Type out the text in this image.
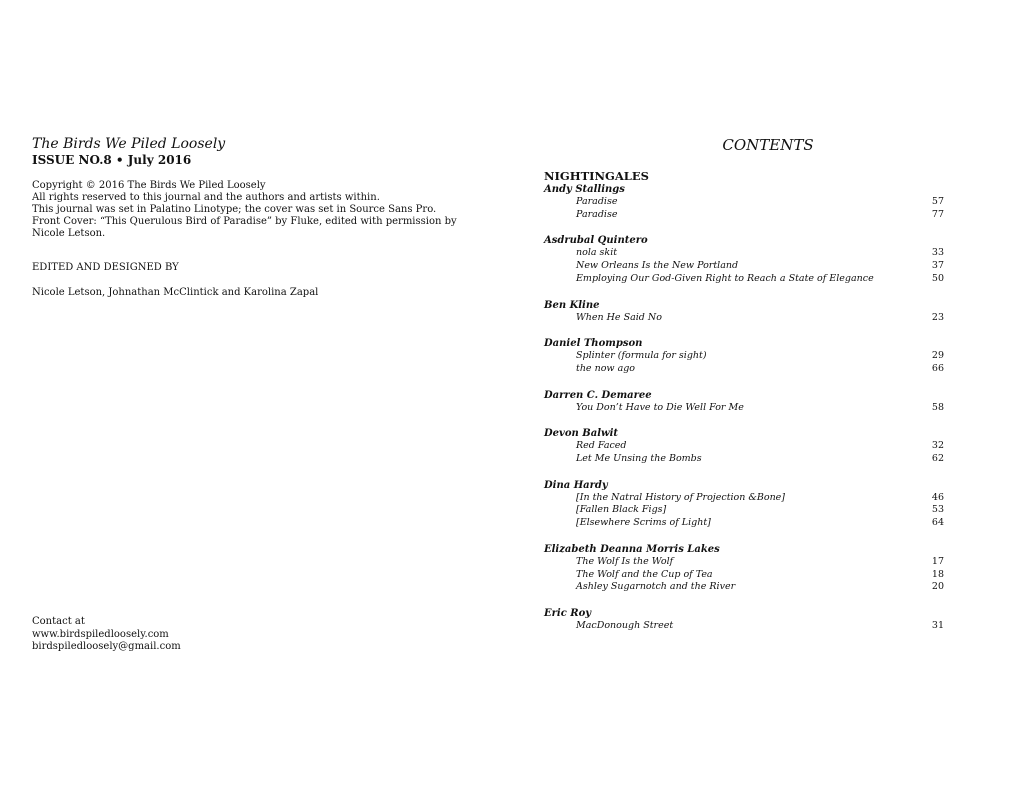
The Birds We Piled Loosely
ISSUE NO.8 • July 2016
Copyright © 2016 The Birds We Piled Loosely
All rights reserved to this journal and the authors and artists within.
This journal was set in Palatino Linotype; the cover was set in Source Sans Pro.
Front Cover: “This Querulous Bird of Paradise” by Fluke, edited with permission by
Nicole Letson.
EDITED AND DESIGNED BY
Nicole Letson, Johnathan McClintick and Karolina Zapal
Contact at
www.birdspiledloosely.com
birdspiledloosely@gmail.com
CONTENTS
NIGHTINGALES
Andy Stallings
Paradise	57
Paradise	77
Asdrubal Quintero
nola skit	33
New Orleans Is the New Portland	37
Employing Our God-Given Right to Reach a State of Elegance	50
Ben Kline
When He Said No	23
Daniel Thompson
Splinter (formula for sight)	29
the now ago	66
Darren C. Demaree
You Don’t Have to Die Well For Me	58
Devon Balwit
Red Faced	32
Let Me Unsing the Bombs	62
Dina Hardy
[In the Natral History of Projection &Bone]	46
[Fallen Black Figs]	53
[Elsewhere Scrims of Light]	64
Elizabeth Deanna Morris Lakes
The Wolf Is the Wolf	17
The Wolf and the Cup of Tea	18
Ashley Sugarnotch and the River	20
Eric Roy
MacDonough Street	31
